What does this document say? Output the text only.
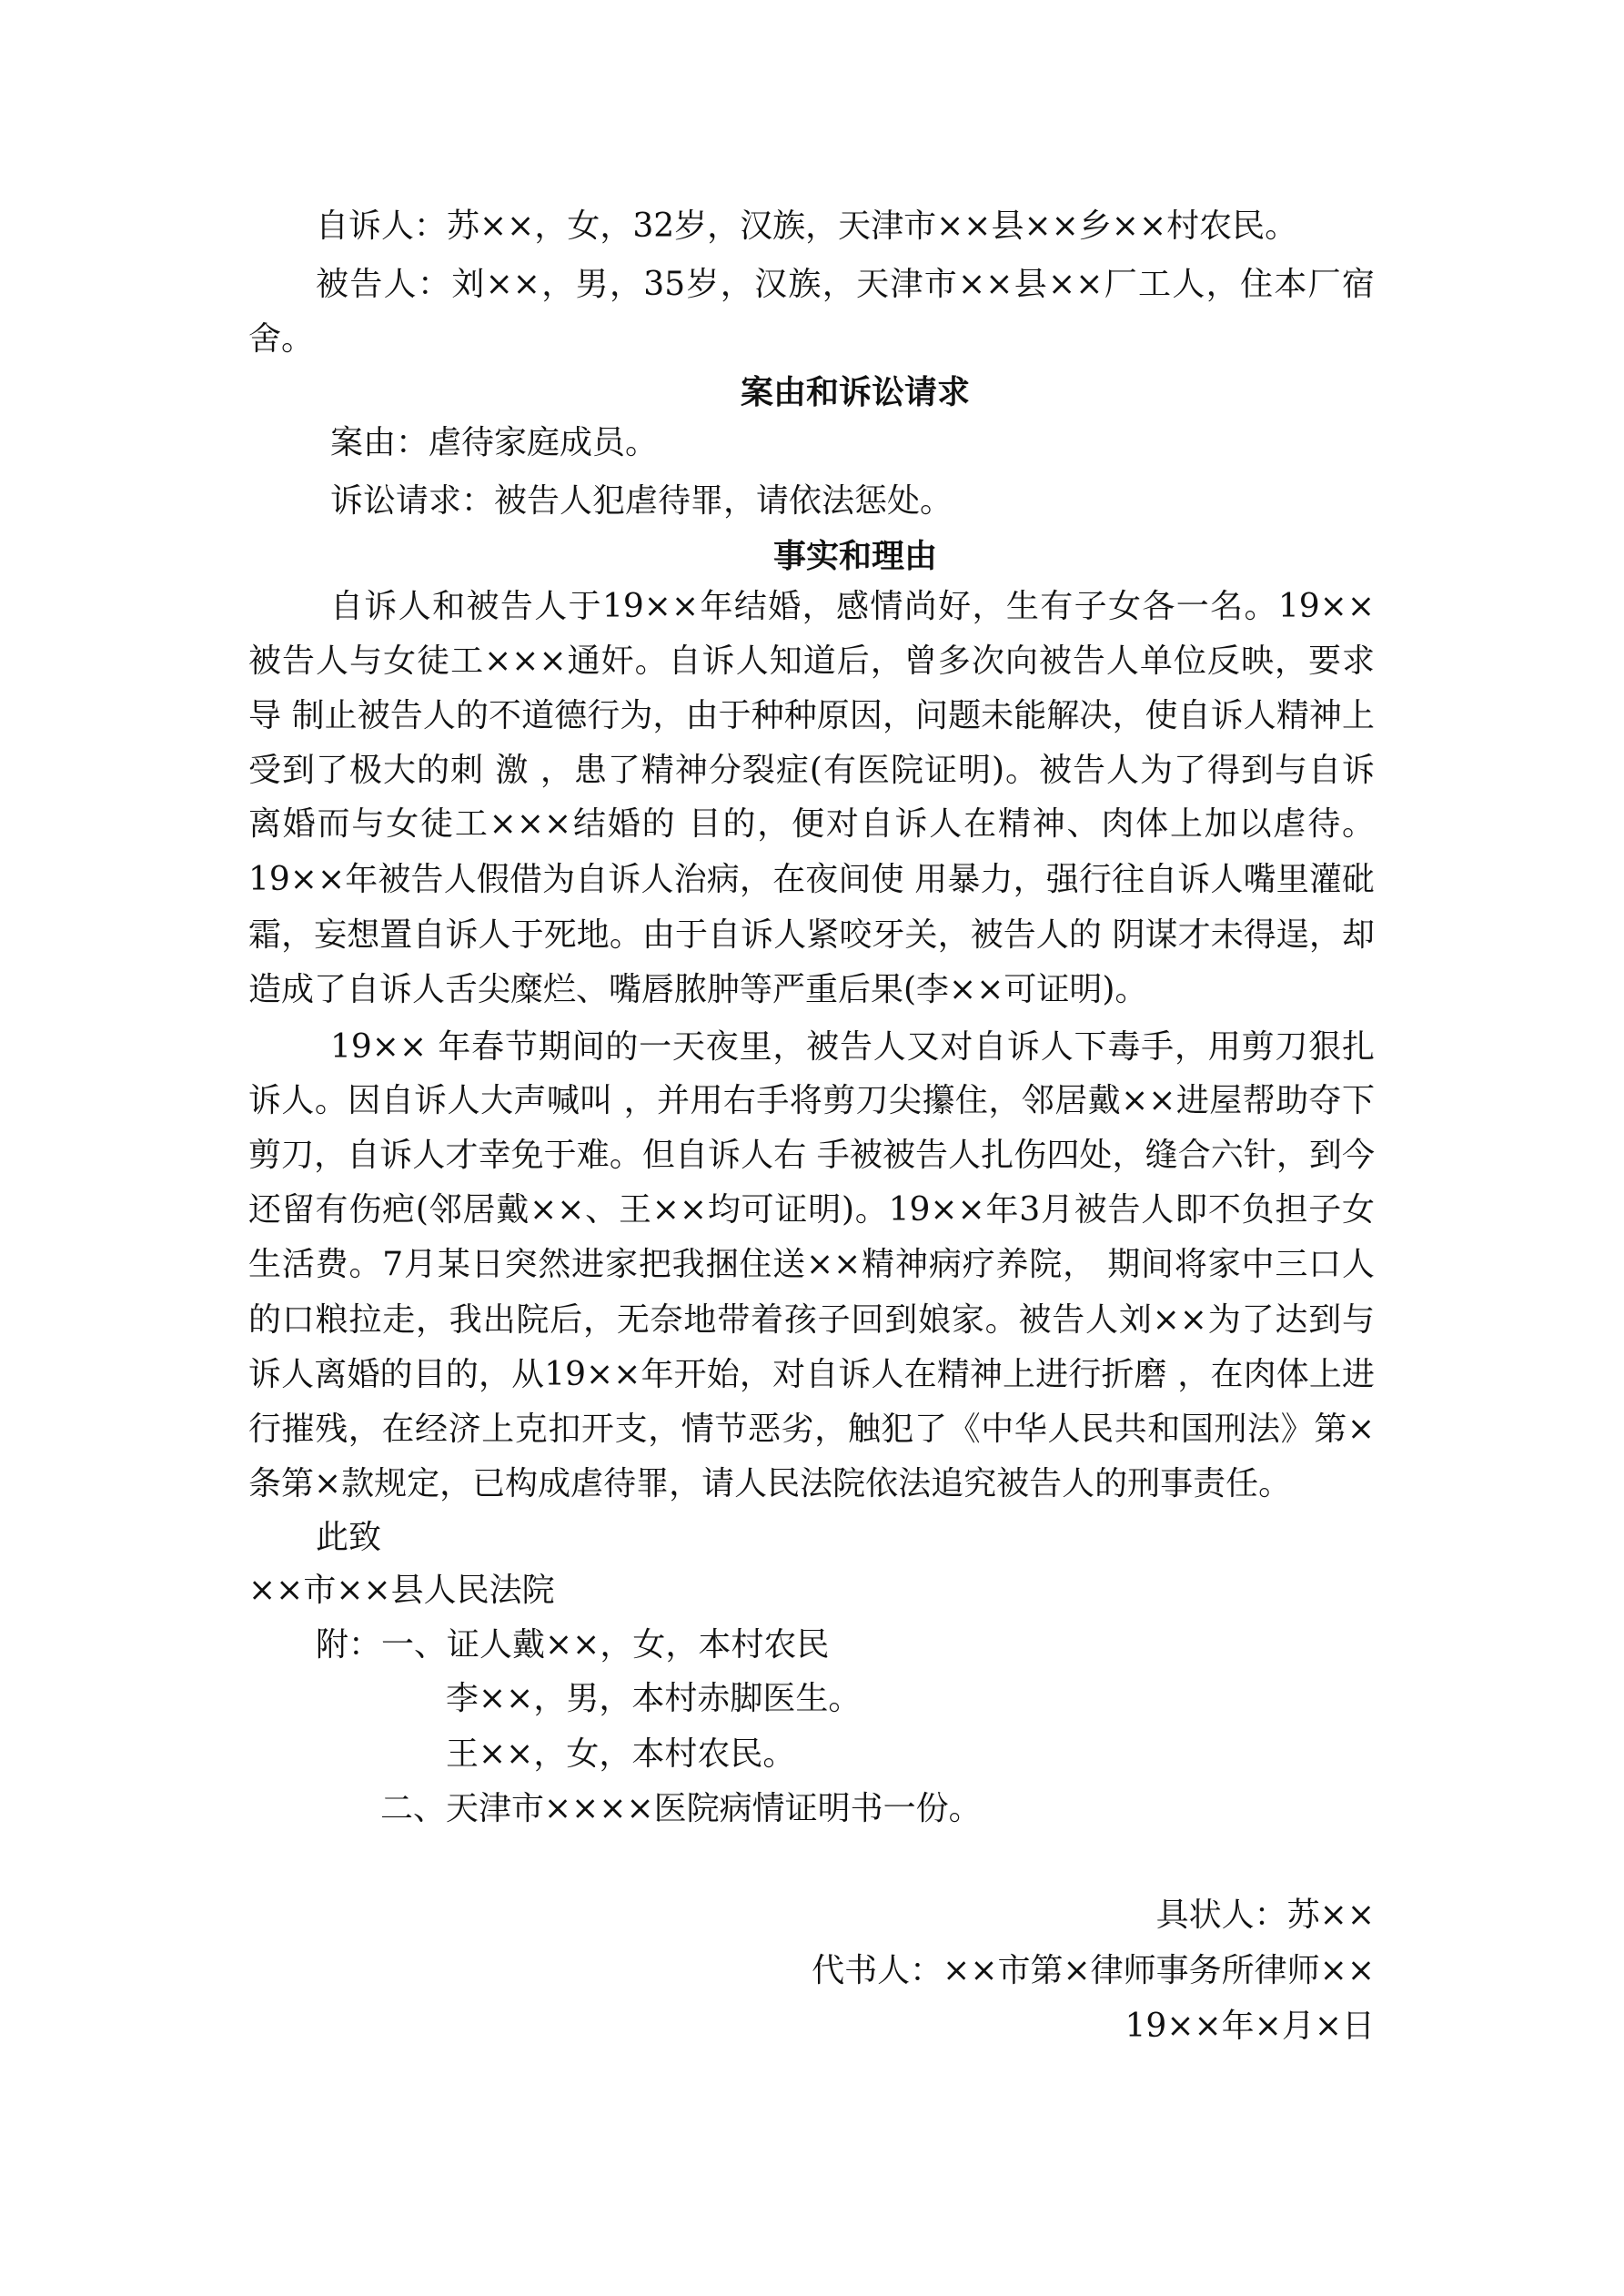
自诉人：苏××，女，32岁，汉族，天津市××县××乡××村农民。
被告人：刘××，男，35岁，汉族，天津市××县××厂工人，住本厂宿
舍。
案由和诉讼请求
案由：虐待家庭成员。
诉讼请求：被告人犯虐待罪，请依法惩处。
事实和理由
自诉人和被告人于19××年结婚，感情尚好，生有子女各一名。19××
被告人与女徒工×××通奸。自诉人知道后，曾多次向被告人单位反映，要求
导 制止被告人的不道德行为，由于种种原因，问题未能解决，使自诉人精神上
受到了极大的刺 激 ，患了精神分裂症(有医院证明)。被告人为了得到与自诉
离婚而与女徒工×××结婚的 目的，便对自诉人在精神、肉体上加以虐待。
19××年被告人假借为自诉人治病，在夜间使 用暴力，强行往自诉人嘴里灌砒
霜，妄想置自诉人于死地。由于自诉人紧咬牙关，被告人的 阴谋才未得逞，却
造成了自诉人舌尖糜烂、嘴唇脓肿等严重后果(李××可证明)。
19×× 年春节期间的一天夜里，被告人又对自诉人下毒手，用剪刀狠扎
诉人。因自诉人大声喊叫 ，并用右手将剪刀尖攥住，邻居戴××进屋帮助夺下
剪刀，自诉人才幸免于难。但自诉人右 手被被告人扎伤四处，缝合六针，到今
还留有伤疤(邻居戴××、王××均可证明)。19××年3月被告人即不负担子女
生活费。7月某日突然进家把我捆住送××精神病疗养院， 期间将家中三口人
的口粮拉走，我出院后，无奈地带着孩子回到娘家。被告人刘××为了达到与
诉人离婚的目的，从19××年开始，对自诉人在精神上进行折磨 ，在肉体上进
行摧残，在经济上克扣开支，情节恶劣，触犯了《中华人民共和国刑法》第×
条第×款规定，已构成虐待罪，请人民法院依法追究被告人的刑事责任。
此致
××市××县人民法院
附：一、证人戴××，女，本村农民
李××，男，本村赤脚医生。
王××，女，本村农民。
二、天津市××××医院病情证明书一份。
具状人：苏××
代书人：××市第×律师事务所律师××
19××年×月×日
